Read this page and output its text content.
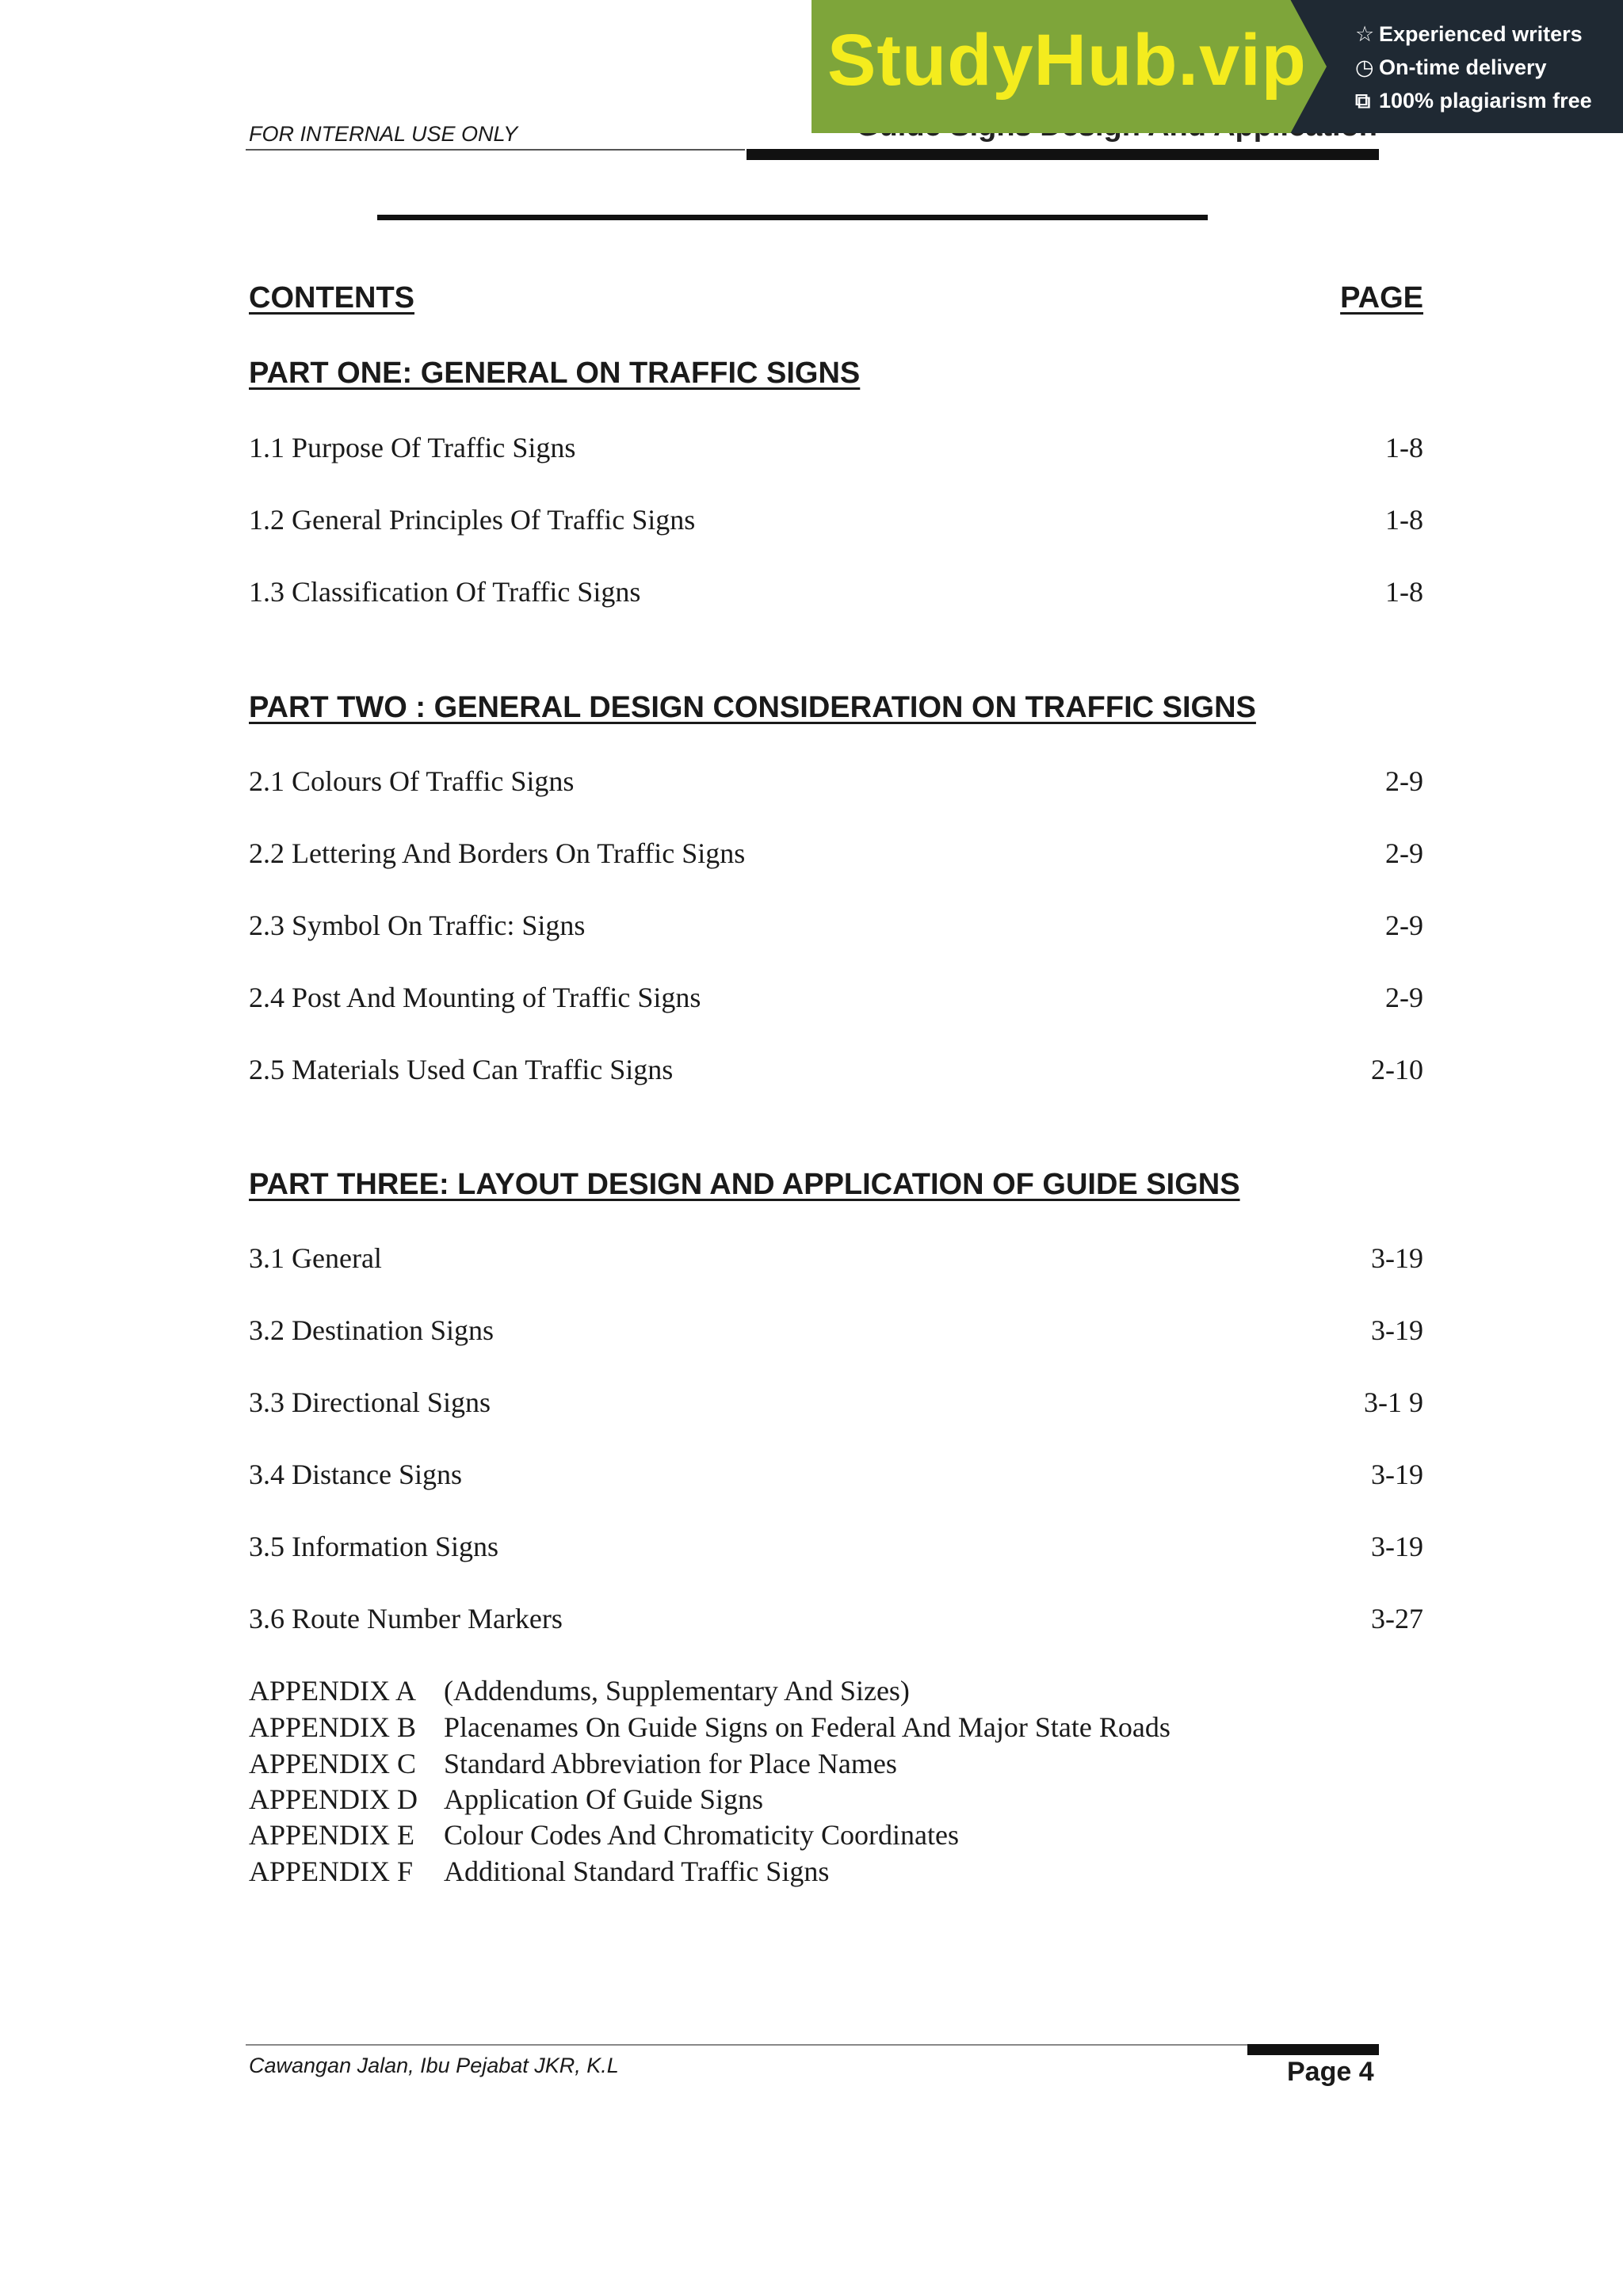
FOR INTERNAL USE ONLY
StudyHub.vip ☆ Experienced writers
◷ On-time delivery
⧉ 100% plagiarism free
CONTENTS	PAGE
PART ONE: GENERAL ON TRAFFIC SIGNS
1.1 Purpose Of Traffic Signs	1-8
1.2 General Principles Of Traffic Signs	1-8
1.3 Classification Of Traffic Signs	1-8
PART TWO : GENERAL DESIGN CONSIDERATION ON TRAFFIC SIGNS
2.1 Colours Of Traffic Signs	2-9
2.2 Lettering And Borders On Traffic Signs	2-9
2.3 Symbol On Traffic: Signs	2-9
2.4 Post And Mounting of Traffic Signs	2-9
2.5 Materials Used Can Traffic Signs	2-10
PART THREE: LAYOUT DESIGN AND APPLICATION OF GUIDE SIGNS
3.1 General	3-19
3.2 Destination Signs	3-19
3.3 Directional Signs	3-1 9
3.4 Distance Signs	3-19
3.5 Information Signs	3-19
3.6 Route Number Markers	3-27
APPENDIX A (Addendums, Supplementary And Sizes)
APPENDIX B Placenames On Guide Signs on Federal And Major State Roads
APPENDIX C Standard Abbreviation for Place Names
APPENDIX D Application Of Guide Signs
APPENDIX E Colour Codes And Chromaticity Coordinates
APPENDIX F Additional Standard Traffic Signs
Cawangan Jalan, Ibu Pejabat JKR, K.L	Page 4
